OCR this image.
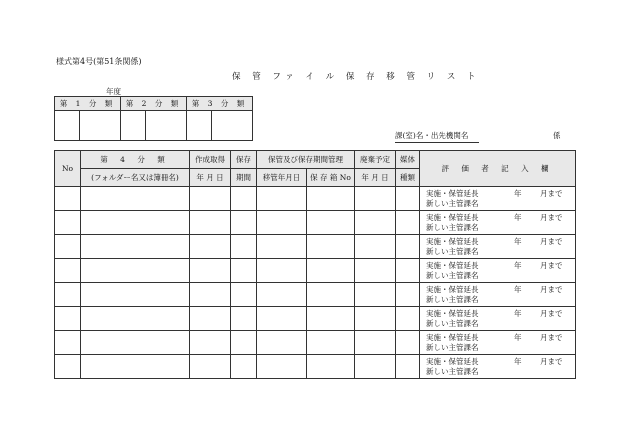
様式第4号(第51条関係)
保 管 ファ イ ル 保 存 移 管 リ ス ト
年度
課(室)名・出先機関名	係
第 1 分 類		第 2 分 類		第 3 分 類	

No	第 4 分 類	作成取得	保存	保管及び保存期間管理		廃棄予定	媒体	評 価 者 記 入 欄
	(フォルダー名又は簿冊名)	年 月 日	期間	移管年月日	保 存 箱 No	年 月 日	種類	

								実施・保管延長 年 月まで
新しい主管課名

								実施・保管延長 年 月まで
新しい主管課名

								実施・保管延長 年 月まで
新しい主管課名

								実施・保管延長 年 月まで
新しい主管課名

								実施・保管延長 年 月まで
新しい主管課名

								実施・保管延長 年 月まで
新しい主管課名

								実施・保管延長 年 月まで
新しい主管課名

								実施・保管延長 年 月まで
新しい主管課名
